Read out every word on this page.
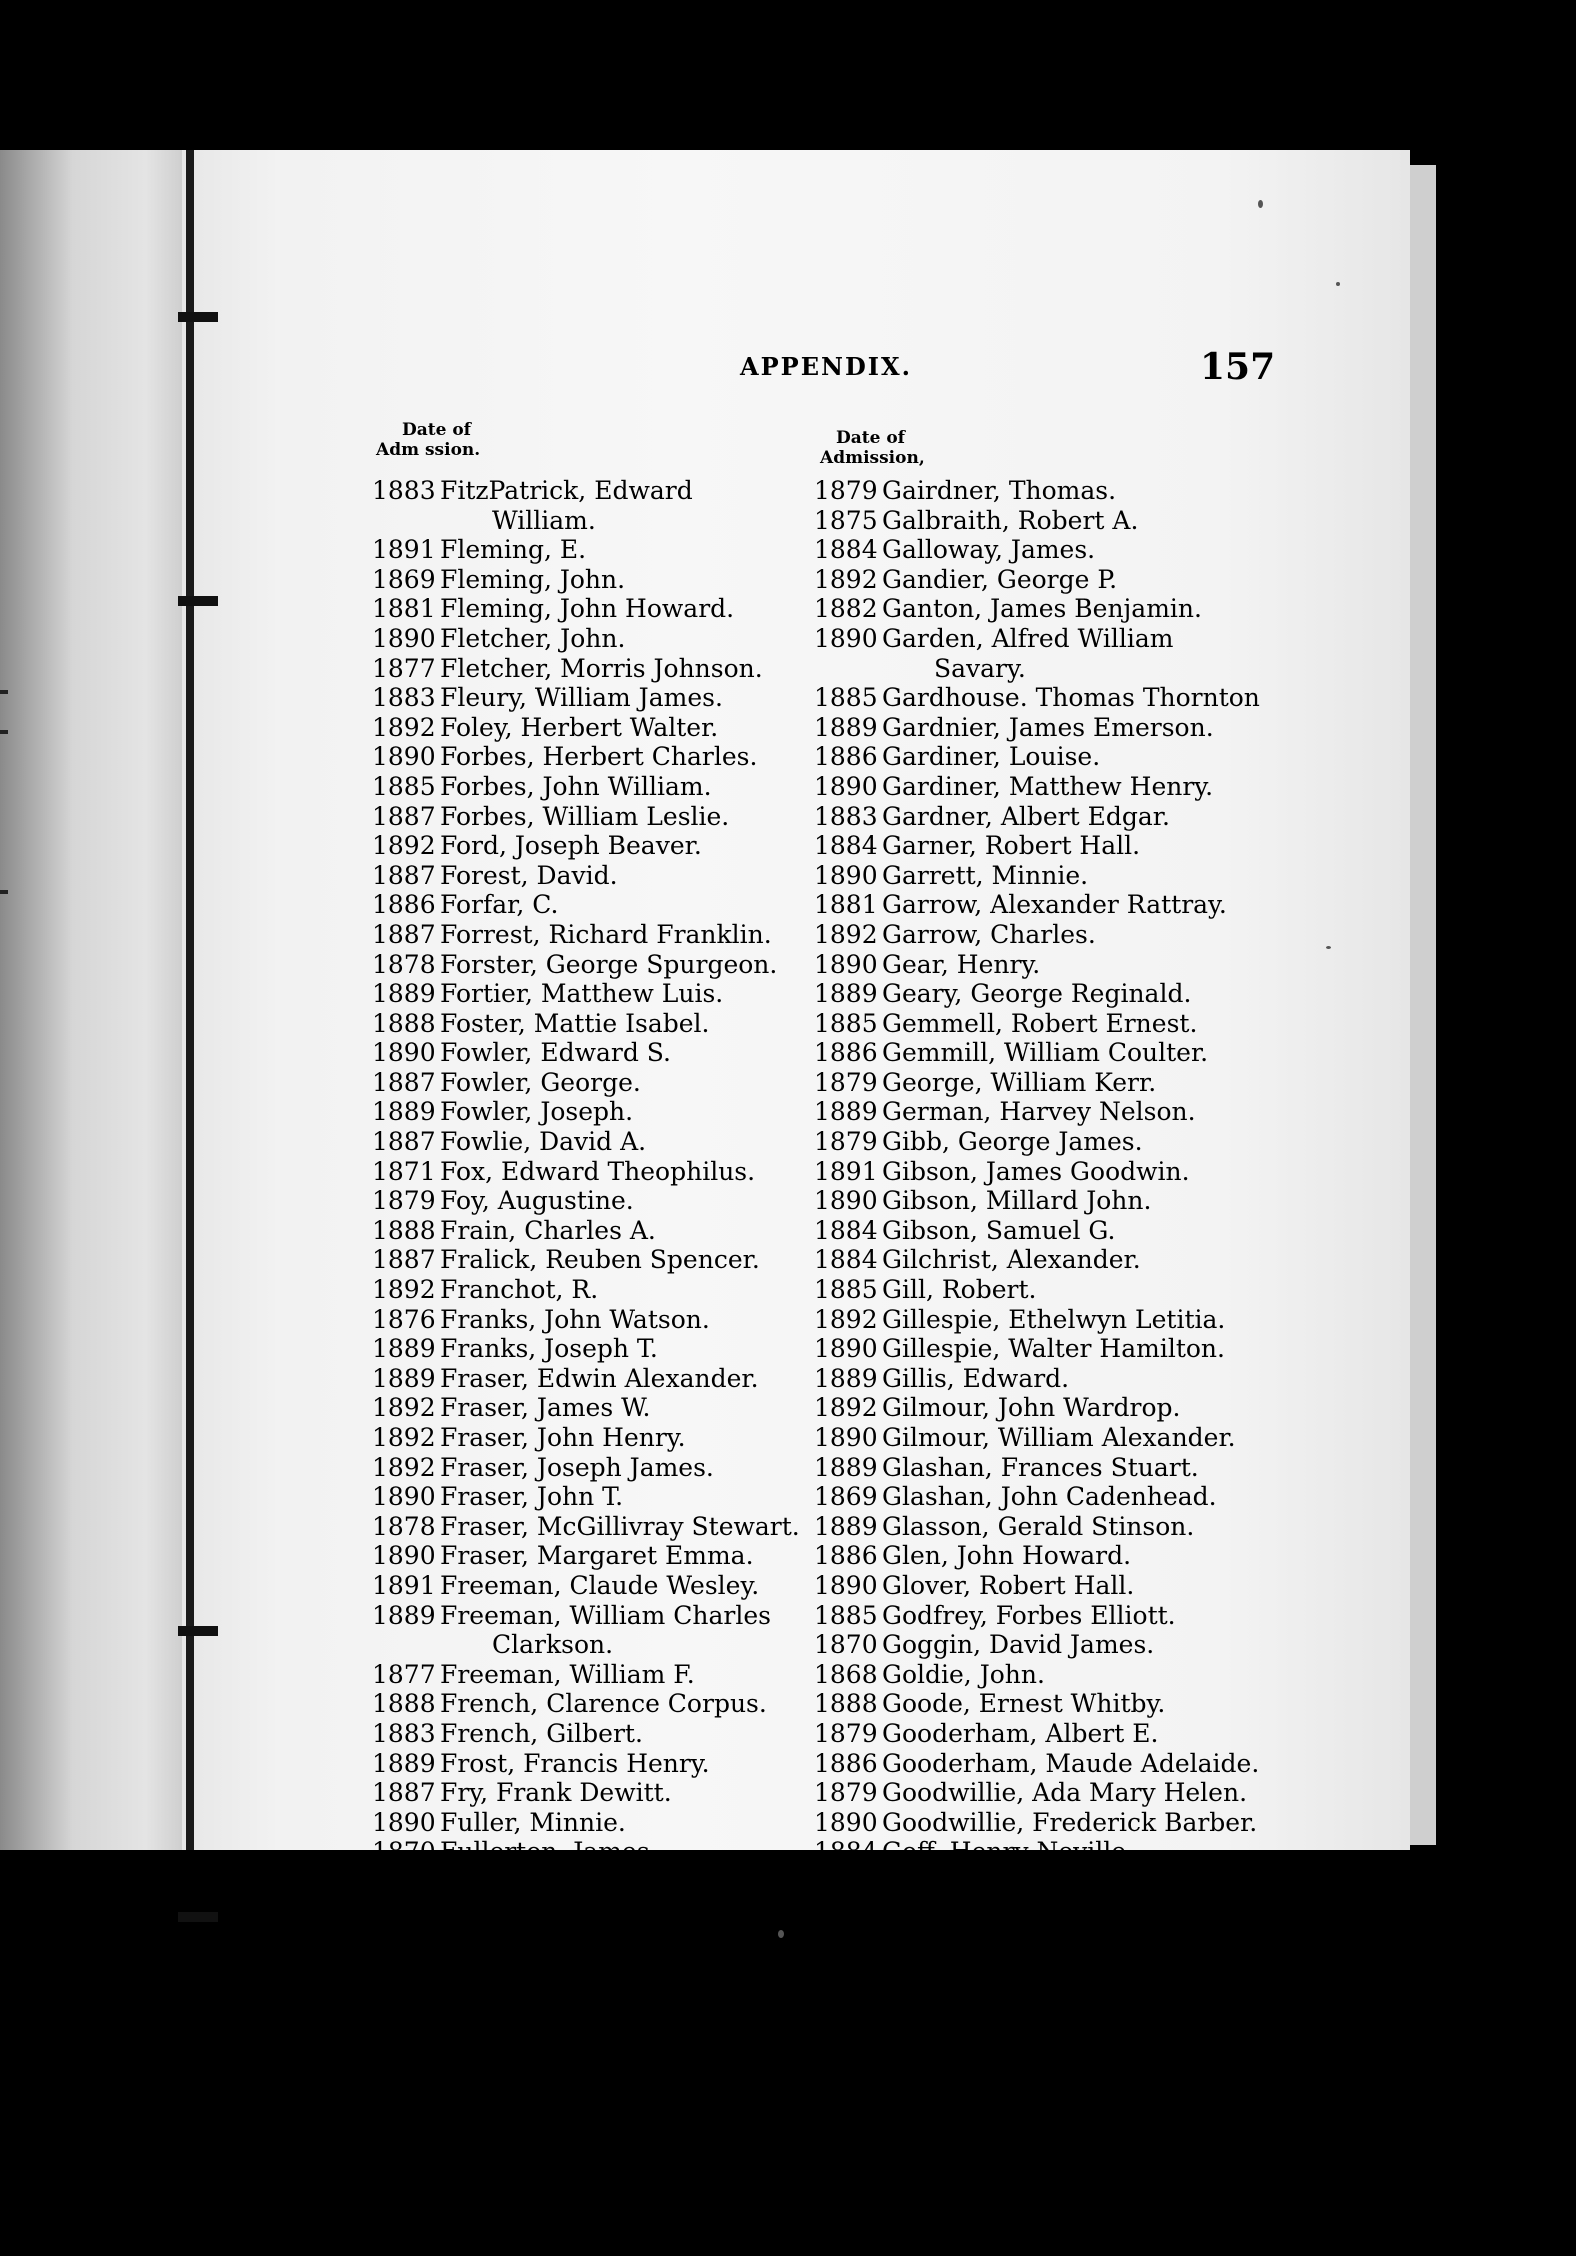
APPENDIX.	157
Date of
Adm ssion.
Date of
Admission,
1883 FitzPatrick, Edward
William.
1891 Fleming, E.
1869 Fleming, John.
1881 Fleming, John Howard.
1890 Fletcher, John.
1877 Fletcher, Morris Johnson.
1883 Fleury, William James.
1892 Foley, Herbert Walter.
1890 Forbes, Herbert Charles.
1885 Forbes, John William.
1887 Forbes, William Leslie.
1892 Ford, Joseph Beaver.
1887 Forest, David.
1886 Forfar, C.
1887 Forrest, Richard Franklin.
1878 Forster, George Spurgeon.
1889 Fortier, Matthew Luis.
1888 Foster, Mattie Isabel.
1890 Fowler, Edward S.
1887 Fowler, George.
1889 Fowler, Joseph.
1887 Fowlie, David A.
1871 Fox, Edward Theophilus.
1879 Foy, Augustine.
1888 Frain, Charles A.
1887 Fralick, Reuben Spencer.
1892 Franchot, R.
1876 Franks, John Watson.
1889 Franks, Joseph T.
1889 Fraser, Edwin Alexander.
1892 Fraser, James W.
1892 Fraser, John Henry.
1892 Fraser, Joseph James.
1890 Fraser, John T.
1878 Fraser, McGillivray Stewart.
1890 Fraser, Margaret Emma.
1891 Freeman, Claude Wesley.
1889 Freeman, William Charles
Clarkson.
1877 Freeman, William F.
1888 French, Clarence Corpus.
1883 French, Gilbert.
1889 Frost, Francis Henry.
1887 Fry, Frank Dewitt.
1890 Fuller, Minnie.
1870 Fullerton, James.
1885 Gadsby, Henry F.
1879 Gairdner, Thomas.
1875 Galbraith, Robert A.
1884 Galloway, James.
1892 Gandier, George P.
1882 Ganton, James Benjamin.
1890 Garden, Alfred William
Savary.
1885 Gardhouse. Thomas Thornton
1889 Gardnier, James Emerson.
1886 Gardiner, Louise.
1890 Gardiner, Matthew Henry.
1883 Gardner, Albert Edgar.
1884 Garner, Robert Hall.
1890 Garrett, Minnie.
1881 Garrow, Alexander Rattray.
1892 Garrow, Charles.
1890 Gear, Henry.
1889 Geary, George Reginald.
1885 Gemmell, Robert Ernest.
1886 Gemmill, William Coulter.
1879 George, William Kerr.
1889 German, Harvey Nelson.
1879 Gibb, George James.
1891 Gibson, James Goodwin.
1890 Gibson, Millard John.
1884 Gibson, Samuel G.
1884 Gilchrist, Alexander.
1885 Gill, Robert.
1892 Gillespie, Ethelwyn Letitia.
1890 Gillespie, Walter Hamilton.
1889 Gillis, Edward.
1892 Gilmour, John Wardrop.
1890 Gilmour, William Alexander.
1889 Glashan, Frances Stuart.
1869 Glashan, John Cadenhead.
1889 Glasson, Gerald Stinson.
1886 Glen, John Howard.
1890 Glover, Robert Hall.
1885 Godfrey, Forbes Elliott.
1870 Goggin, David James.
1868 Goldie, John.
1888 Goode, Ernest Whitby.
1879 Gooderham, Albert E.
1886 Gooderham, Maude Adelaide.
1879 Goodwillie, Ada Mary Helen.
1890 Goodwillie, Frederick Barber.
1884 Goff, Henry Neville.
1883 Gordon, Andrew Robertson.
